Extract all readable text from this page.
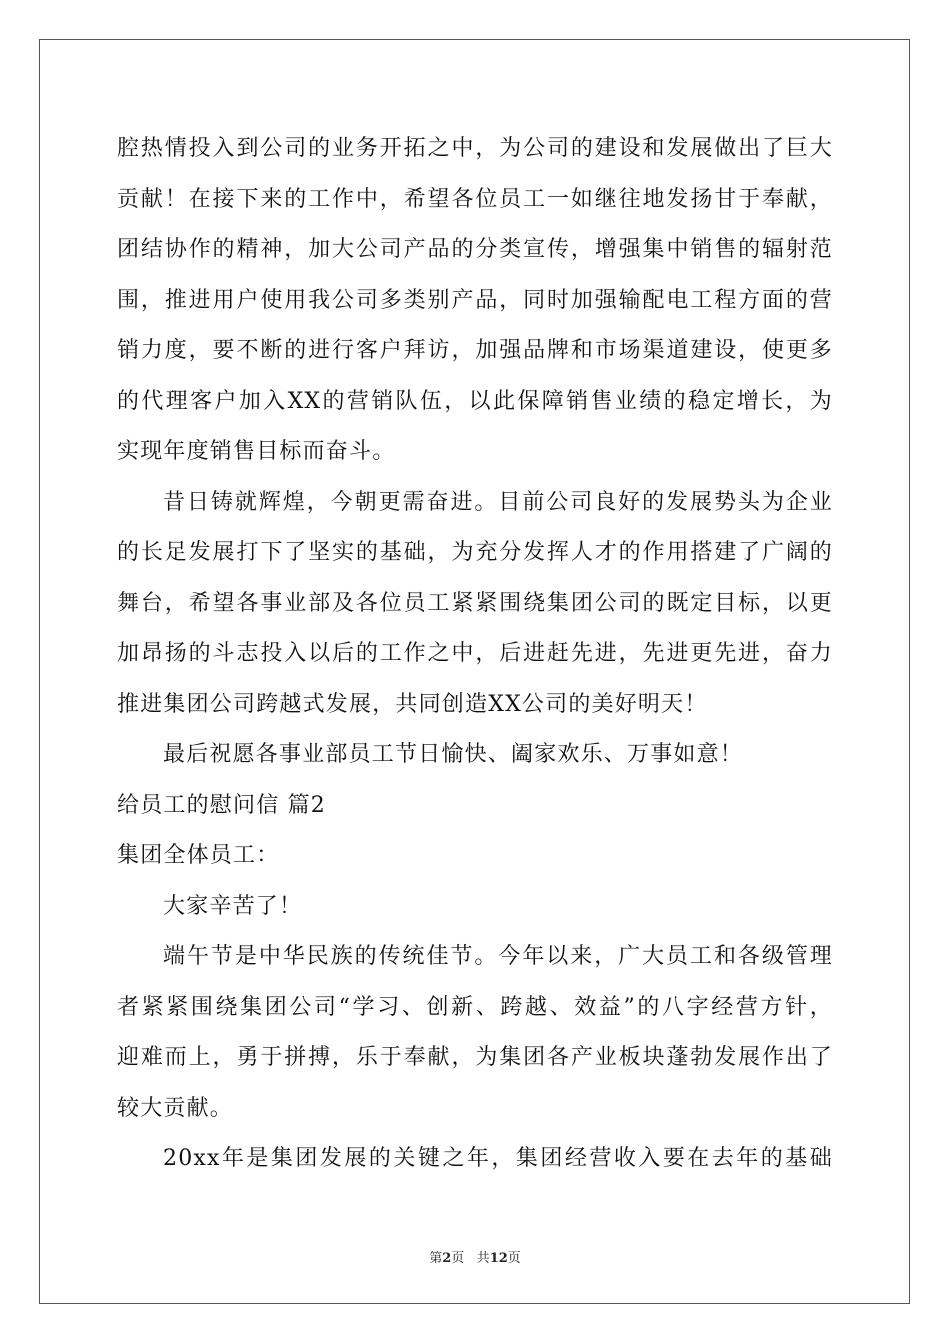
腔热情投入到公司的业务开拓之中，为公司的建设和发展做出了巨大
贡献！在接下来的工作中，希望各位员工一如继往地发扬甘于奉献，
团结协作的精神，加大公司产品的分类宣传，增强集中销售的辐射范
围，推进用户使用我公司多类别产品，同时加强输配电工程方面的营
销力度，要不断的进行客户拜访，加强品牌和市场渠道建设，使更多
的代理客户加入XX的营销队伍，以此保障销售业绩的稳定增长，为
实现年度销售目标而奋斗。
昔日铸就辉煌，今朝更需奋进。目前公司良好的发展势头为企业
的长足发展打下了坚实的基础，为充分发挥人才的作用搭建了广阔的
舞台，希望各事业部及各位员工紧紧围绕集团公司的既定目标，以更
加昂扬的斗志投入以后的工作之中，后进赶先进，先进更先进，奋力
推进集团公司跨越式发展，共同创造XX公司的美好明天！
最后祝愿各事业部员工节日愉快、阖家欢乐、万事如意！
给员工的慰问信 篇2
集团全体员工：
大家辛苦了！
端午节是中华民族的传统佳节。今年以来，广大员工和各级管理
者紧紧围绕集团公司“学习、创新、跨越、效益”的八字经营方针，
迎难而上，勇于拼搏，乐于奉献，为集团各产业板块蓬勃发展作出了
较大贡献。
20xx年是集团发展的关键之年，集团经营收入要在去年的基础
第2页 共12页
